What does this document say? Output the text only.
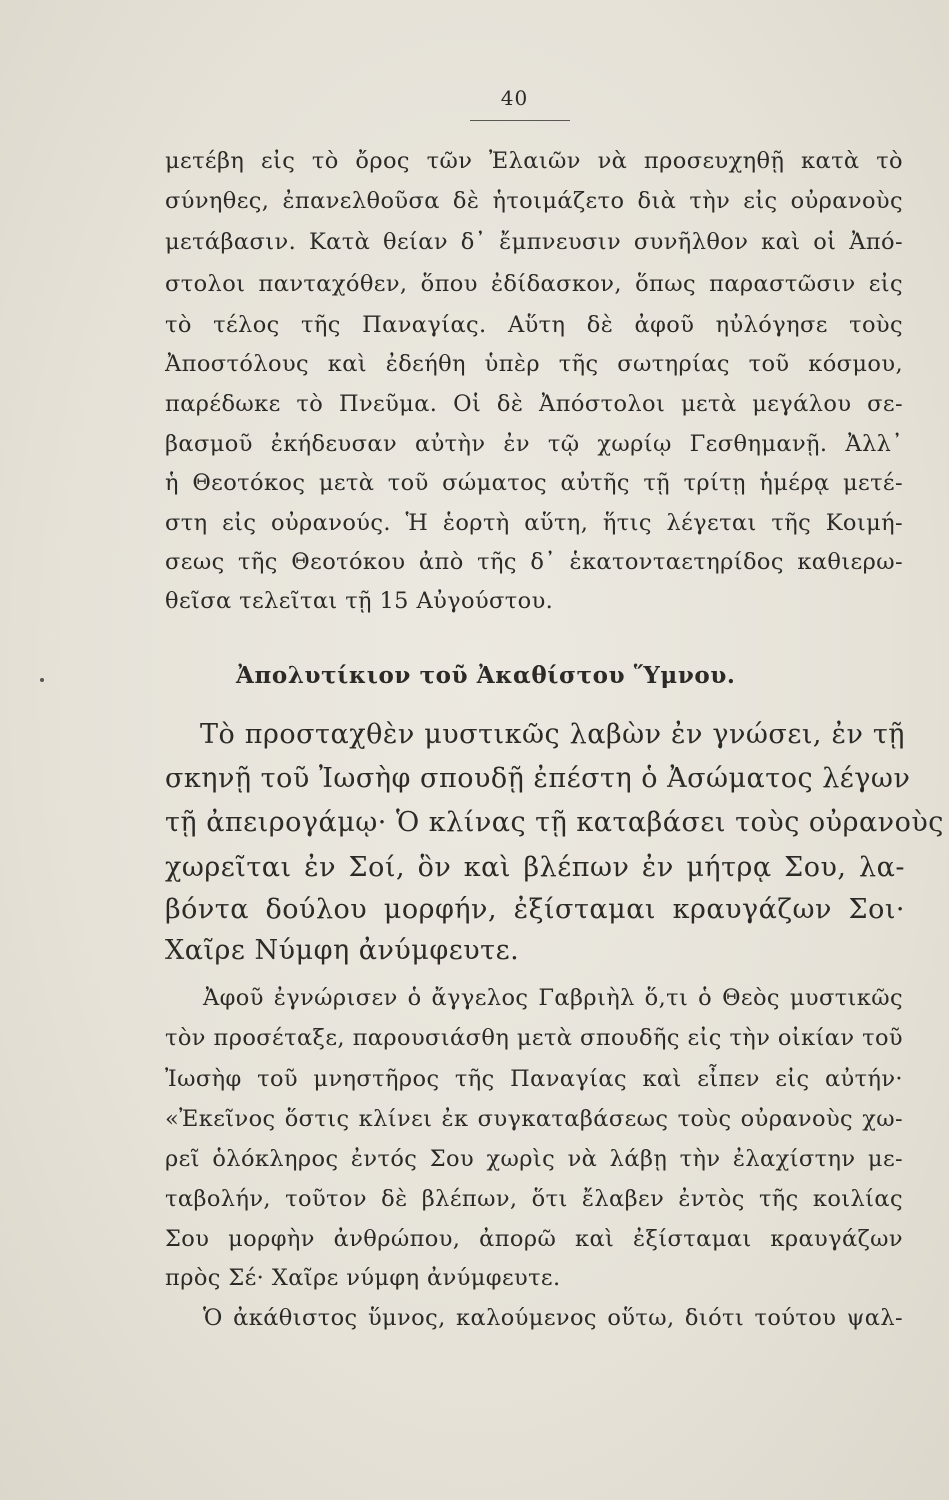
40
μετέβη εἰς τὸ ὄρος τῶν Ἐλαιῶν νὰ προσευχηθῇ κατὰ τὸ
σύνηθες, ἐπανελθοῦσα δὲ ἡτοιμάζετο διὰ τὴν εἰς οὐρανοὺς
μετάβασιν. Κατὰ θείαν δ᾽ ἔμπνευσιν συνῆλθον καὶ οἱ Ἀπό-
στολοι πανταχόθεν, ὅπου ἐδίδασκον, ὅπως παραστῶσιν εἰς
τὸ τέλος τῆς Παναγίας. Αὕτη δὲ ἀφοῦ ηὐλόγησε τοὺς
Ἀποστόλους καὶ ἐδεήθη ὑπὲρ τῆς σωτηρίας τοῦ κόσμου,
παρέδωκε τὸ Πνεῦμα. Οἱ δὲ Ἀπόστολοι μετὰ μεγάλου σε-
βασμοῦ ἐκήδευσαν αὐτὴν ἐν τῷ χωρίῳ Γεσθημανῇ. Ἀλλ᾽
ἡ Θεοτόκος μετὰ τοῦ σώματος αὐτῆς τῇ τρίτῃ ἡμέρᾳ μετέ-
στη εἰς οὐρανούς. Ἡ ἑορτὴ αὕτη, ἥτις λέγεται τῆς Κοιμή-
σεως τῆς Θεοτόκου ἀπὸ τῆς δ᾽ ἑκατονταετηρίδος καθιερω-
θεῖσα τελεῖται τῇ 15 Αὐγούστου.
Ἀπολυτίκιον τοῦ Ἀκαθίστου Ὕμνου.
Τὸ προσταχθὲν μυστικῶς λαβὼν ἐν γνώσει, ἐν τῇ
σκηνῇ τοῦ Ἰωσὴφ σπουδῇ ἐπέστη ὁ Ἀσώματος λέγων
τῇ ἀπειρογάμῳ· Ὁ κλίνας τῇ καταβάσει τοὺς οὐρανοὺς
χωρεῖται ἐν Σοί, ὃν καὶ βλέπων ἐν μήτρᾳ Σου, λα-
βόντα δούλου μορφήν, ἐξίσταμαι κραυγάζων Σοι·
Χαῖρε Νύμφη ἀνύμφευτε.
Ἀφοῦ ἐγνώρισεν ὁ ἄγγελος Γαβριὴλ ὅ,τι ὁ Θεὸς μυστικῶς
τὸν προσέταξε, παρουσιάσθη μετὰ σπουδῆς εἰς τὴν οἰκίαν τοῦ
Ἰωσὴφ τοῦ μνηστῆρος τῆς Παναγίας καὶ εἶπεν εἰς αὐτήν·
«Ἐκεῖνος ὅστις κλίνει ἐκ συγκαταβάσεως τοὺς οὐρανοὺς χω-
ρεῖ ὁλόκληρος ἐντός Σου χωρὶς νὰ λάβῃ τὴν ἐλαχίστην με-
ταβολήν, τοῦτον δὲ βλέπων, ὅτι ἔλαβεν ἐντὸς τῆς κοιλίας
Σου μορφὴν ἀνθρώπου, ἀπορῶ καὶ ἐξίσταμαι κραυγάζων
πρὸς Σέ· Χαῖρε νύμφη ἀνύμφευτε.
Ὁ ἀκάθιστος ὕμνος, καλούμενος οὕτω, διότι τούτου ψαλ-
